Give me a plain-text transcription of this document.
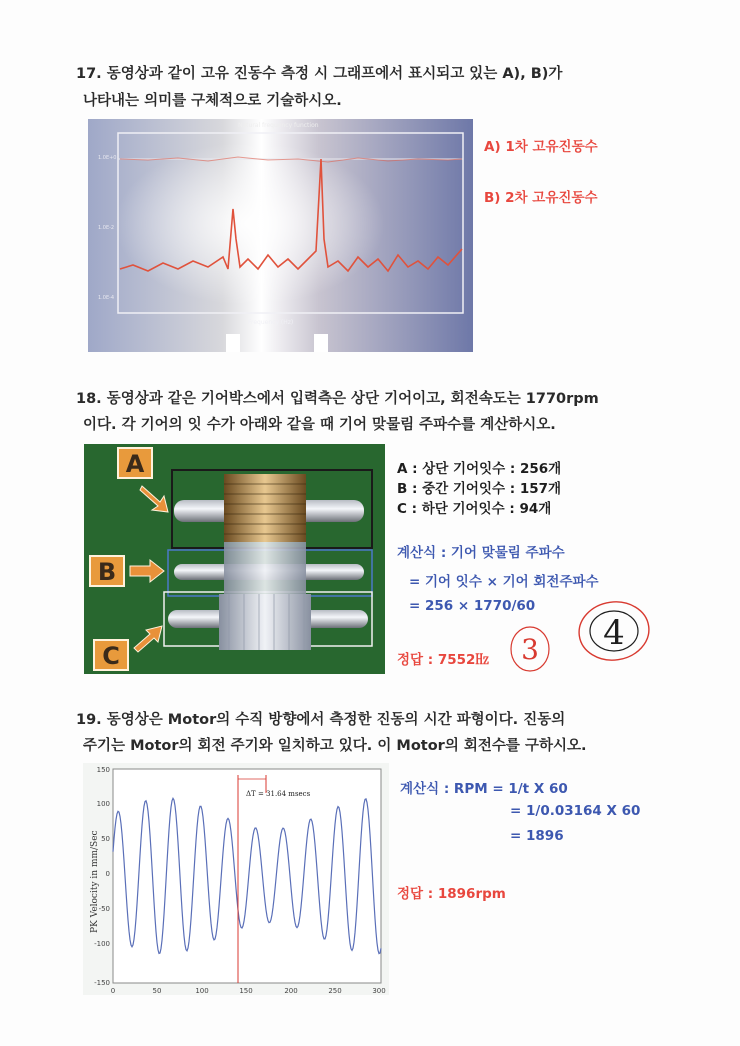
17. 동영상과 같이 고유 진동수 측정 시 그래프에서 표시되고 있는 A), B)가
나타내는 의미를 구체적으로 기술하시오.
Natural frequency function
1.0E+0
1.0E-2
1.0E-4
Frequency (Hz)
A) 1차 고유진동수
B) 2차 고유진동수
18. 동영상과 같은 기어박스에서 입력측은 상단 기어이고, 회전속도는 1770rpm
이다. 각 기어의 잇 수가 아래와 같을 때 기어 맞물림 주파수를 계산하시오.
A
B
C
A : 상단 기어잇수 : 256개
B : 중간 기어잇수 : 157개
C : 하단 기어잇수 : 94개
계산식 : 기어 맞물림 주파수
= 기어 잇수 × 기어 회전주파수
= 256 × 1770/60
정답 : 7552㎐ 3 4
19. 동영상은 Motor의 수직 방향에서 측정한 진동의 시간 파형이다. 진동의
주기는 Motor의 회전 주기와 일치하고 있다. 이 Motor의 회전수를 구하시오.
150
100
50
0
-50
-100
-150
0	50	100	150	200	250	300
PK Velocity in mm/Sec
ΔT = 31.64 msecs	계산식 : RPM = 1/t X 60
= 1/0.03164 X 60
= 1896
정답 : 1896rpm
